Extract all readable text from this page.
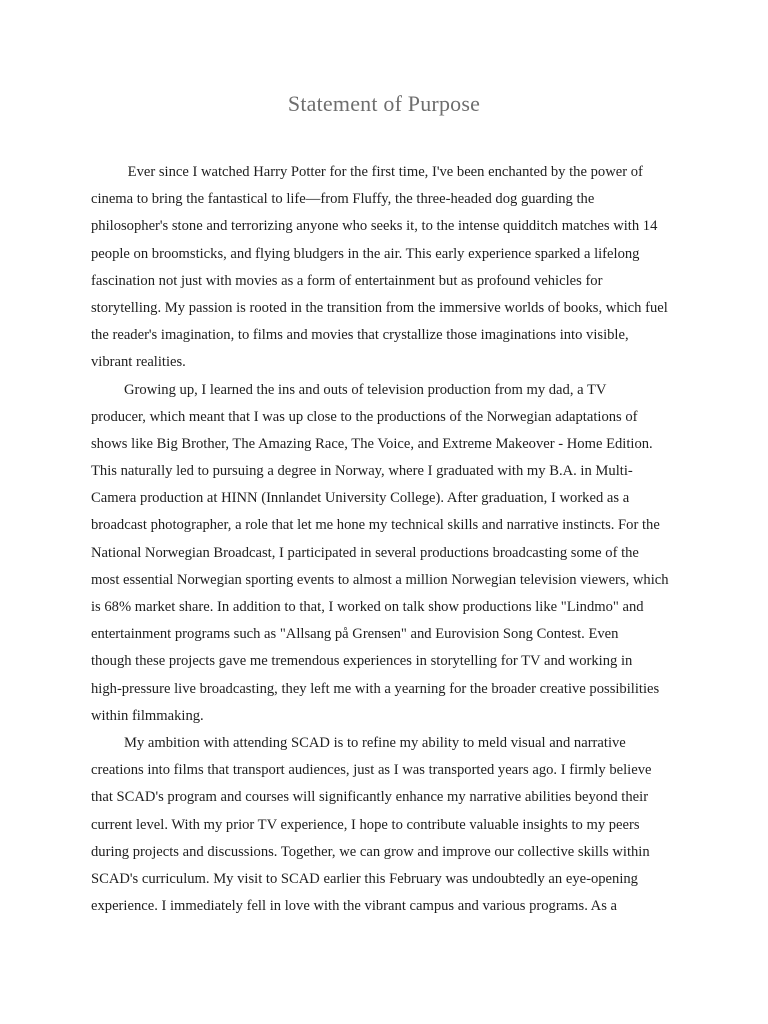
Statement of Purpose
Ever since I watched Harry Potter for the first time, I've been enchanted by the power of
cinema to bring the fantastical to life—from Fluffy, the three-headed dog guarding the
philosopher's stone and terrorizing anyone who seeks it, to the intense quidditch matches with 14
people on broomsticks, and flying bludgers in the air. This early experience sparked a lifelong
fascination not just with movies as a form of entertainment but as profound vehicles for
storytelling. My passion is rooted in the transition from the immersive worlds of books, which fuel
the reader's imagination, to films and movies that crystallize those imaginations into visible,
vibrant realities.
Growing up, I learned the ins and outs of television production from my dad, a TV
producer, which meant that I was up close to the productions of the Norwegian adaptations of
shows like Big Brother, The Amazing Race, The Voice, and Extreme Makeover - Home Edition.
This naturally led to pursuing a degree in Norway, where I graduated with my B.A. in Multi-
Camera production at HINN (Innlandet University College). After graduation, I worked as a
broadcast photographer, a role that let me hone my technical skills and narrative instincts. For the
National Norwegian Broadcast, I participated in several productions broadcasting some of the
most essential Norwegian sporting events to almost a million Norwegian television viewers, which
is 68% market share. In addition to that, I worked on talk show productions like "Lindmo" and
entertainment programs such as "Allsang på Grensen" and Eurovision Song Contest. Even
though these projects gave me tremendous experiences in storytelling for TV and working in
high-pressure live broadcasting, they left me with a yearning for the broader creative possibilities
within filmmaking.
My ambition with attending SCAD is to refine my ability to meld visual and narrative
creations into films that transport audiences, just as I was transported years ago. I firmly believe
that SCAD's program and courses will significantly enhance my narrative abilities beyond their
current level. With my prior TV experience, I hope to contribute valuable insights to my peers
during projects and discussions. Together, we can grow and improve our collective skills within
SCAD's curriculum. My visit to SCAD earlier this February was undoubtedly an eye-opening
experience. I immediately fell in love with the vibrant campus and various programs. As a
